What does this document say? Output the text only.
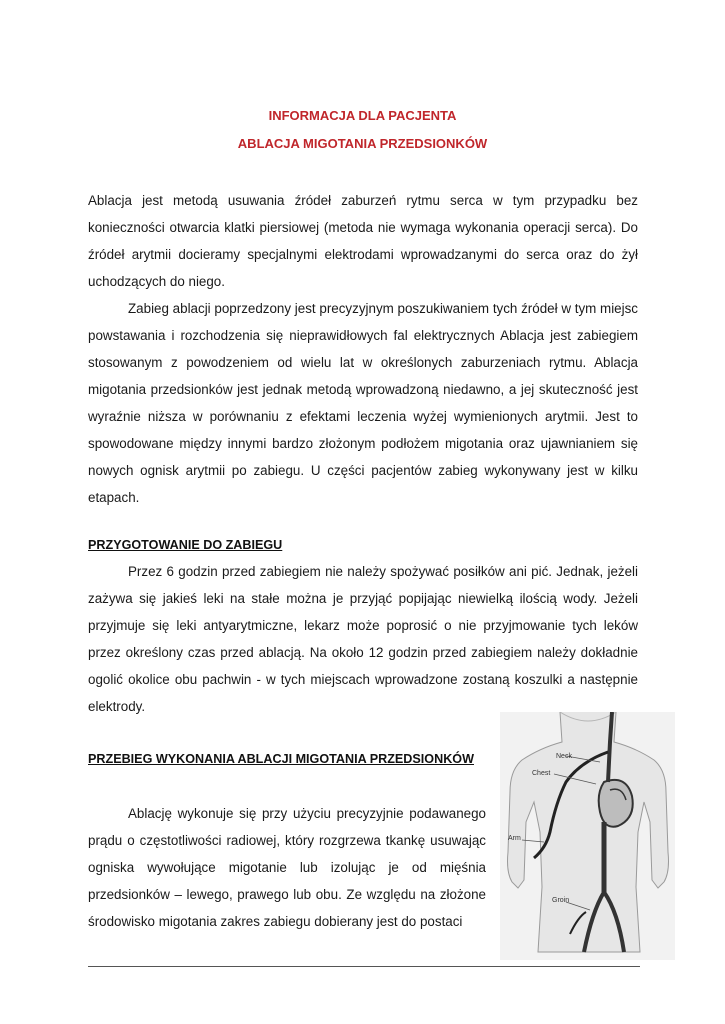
INFORMACJA DLA PACJENTA
ABLACJA MIGOTANIA PRZEDSIONKÓW

Ablacja jest metodą usuwania źródeł zaburzeń rytmu serca w tym przypadku bez konieczności otwarcia klatki piersiowej (metoda nie wymaga wykonania operacji serca). Do źródeł arytmii docieramy specjalnymi elektrodami wprowadzanymi do serca oraz do żył uchodzących do niego.

Zabieg ablacji poprzedzony jest precyzyjnym poszukiwaniem tych źródeł w tym miejsc powstawania i rozchodzenia się nieprawidłowych fal elektrycznych Ablacja jest zabiegiem stosowanym z powodzeniem od wielu lat w określonych zaburzeniach rytmu. Ablacja migotania przedsionków jest jednak metodą wprowadzoną niedawno, a jej skuteczność jest wyraźnie niższa w porównaniu z efektami leczenia wyżej wymienionych arytmii. Jest to spowodowane między innymi bardzo złożonym podłożem migotania oraz ujawnianiem się nowych ognisk arytmii po zabiegu. U części pacjentów zabieg wykonywany jest w kilku etapach.

PRZYGOTOWANIE DO ZABIEGU

Przez 6 godzin przed zabiegiem nie należy spożywać posiłków ani pić. Jednak, jeżeli zażywa się jakieś leki na stałe można je przyjąć popijając niewielką ilością wody. Jeżeli przyjmuje się leki antyarytmiczne, lekarz może poprosić o nie przyjmowanie tych leków przez określony czas przed ablacją. Na około 12 godzin przed zabiegiem należy dokładnie ogolić okolice obu pachwin - w tych miejscach wprowadzone zostaną koszulki a następnie elektrody.

PRZEBIEG WYKONANIA ABLACJI MIGOTANIA PRZEDSIONKÓW

Ablację wykonuje się przy użyciu precyzyjnie podawanego prądu o częstotliwości radiowej, który rozgrzewa tkankę usuwając ogniska wywołujące migotanie lub izolując je od mięśnia przedsionków – lewego, prawego lub obu. Ze względu na złożone środowisko migotania zakres zabiegu dobierany jest do postaci

Neck
Chest
Arm
Groin
